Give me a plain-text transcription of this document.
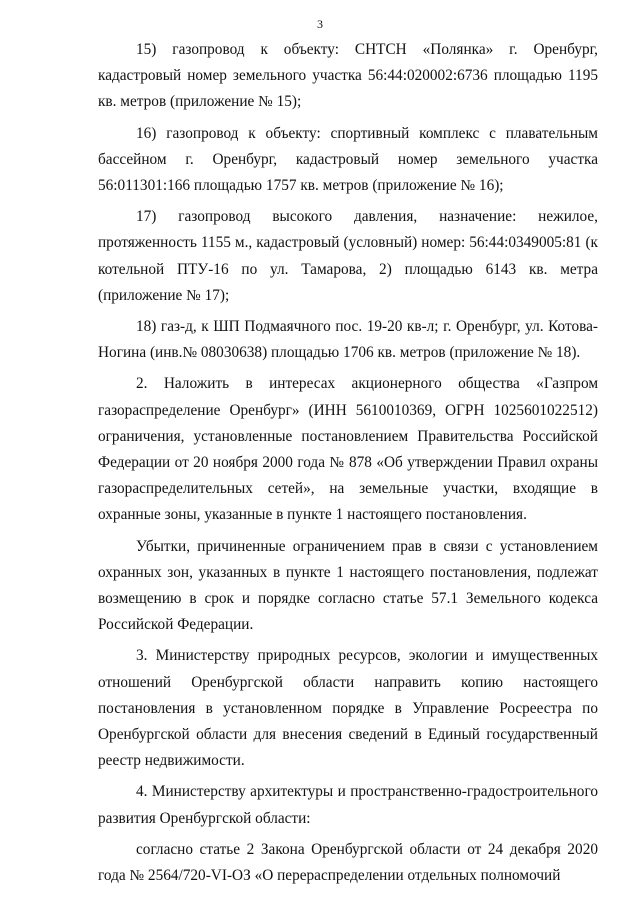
3

15) газопровод к объекту: СНТСН «Полянка» г. Оренбург, кадастровый номер земельного участка 56:44:020002:6736 площадью 1195 кв. метров (приложение № 15);

16) газопровод к объекту: спортивный комплекс с плавательным бассейном г. Оренбург, кадастровый номер земельного участка 56:011301:166 площадью 1757 кв. метров (приложение № 16);

17) газопровод высокого давления, назначение: нежилое, протяженность 1155 м., кадастровый (условный) номер: 56:44:0349005:81 (к котельной ПТУ-16 по ул. Тамарова, 2) площадью 6143 кв. метра (приложение № 17);

18) газ-д, к ШП Подмаячного пос. 19-20 кв-л; г. Оренбург, ул. Котова-Ногина (инв.№ 08030638) площадью 1706 кв. метров (приложение № 18).

2. Наложить в интересах акционерного общества «Газпром газораспределение Оренбург» (ИНН 5610010369, ОГРН 1025601022512) ограничения, установленные постановлением Правительства Российской Федерации от 20 ноября 2000 года № 878 «Об утверждении Правил охраны газораспределительных сетей», на земельные участки, входящие в охранные зоны, указанные в пункте 1 настоящего постановления.

Убытки, причиненные ограничением прав в связи с установлением охранных зон, указанных в пункте 1 настоящего постановления, подлежат возмещению в срок и порядке согласно статье 57.1 Земельного кодекса Российской Федерации.

3. Министерству природных ресурсов, экологии и имущественных отношений Оренбургской области направить копию настоящего постановления в установленном порядке в Управление Росреестра по Оренбургской области для внесения сведений в Единый государственный реестр недвижимости.

4. Министерству архитектуры и пространственно-градостроительного развития Оренбургской области:

согласно статье 2 Закона Оренбургской области от 24 декабря 2020 года № 2564/720-VI-ОЗ «О перераспределении отдельных полномочий
